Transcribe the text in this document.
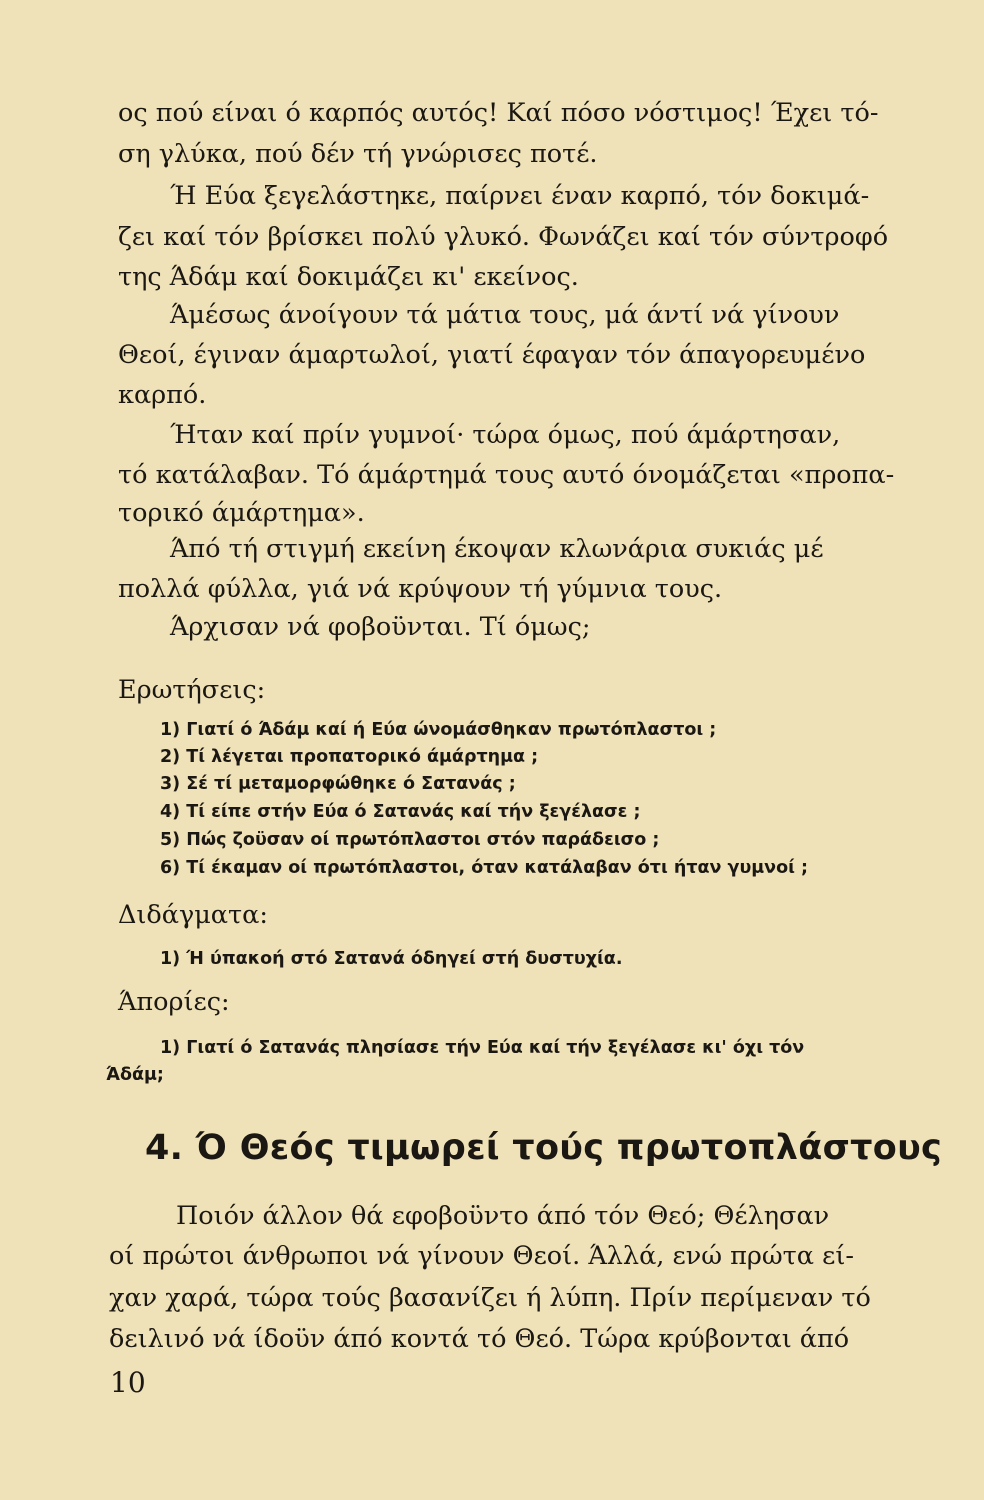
ος πού είναι ό καρπός αυτός! Καί πόσο νόστιμος! Έχει τό-
ση γλύκα, πού δέν τή γνώρισες ποτέ.
Ή Εύα ξεγελάστηκε, παίρνει έναν καρπό, τόν δοκιμά-
ζει καί τόν βρίσκει πολύ γλυκό. Φωνάζει καί τόν σύντροφό
της Άδάμ καί δοκιμάζει κι' εκείνος.
Άμέσως άνοίγουν τά μάτια τους, μά άντί νά γίνουν
Θεοί, έγιναν άμαρτωλοί, γιατί έφαγαν τόν άπαγορευμένο
καρπό.
Ήταν καί πρίν γυμνοί· τώρα όμως, πού άμάρτησαν,
τό κατάλαβαν. Τό άμάρτημά τους αυτό όνομάζεται «προπα-
τορικό άμάρτημα».
Άπό τή στιγμή εκείνη έκοψαν κλωνάρια συκιάς μέ
πολλά φύλλα, γιά νά κρύψουν τή γύμνια τους.
Άρχισαν νά φοβοϋνται. Τί όμως;
Ερωτήσεις:
1) Γιατί ό Άδάμ καί ή Εύα ώνομάσθηκαν πρωτόπλαστοι ;
2) Τί λέγεται προπατορικό άμάρτημα ;
3) Σέ τί μεταμορφώθηκε ό Σατανάς ;
4) Τί είπε στήν Εύα ό Σατανάς καί τήν ξεγέλασε ;
5) Πώς ζοϋσαν οί πρωτόπλαστοι στόν παράδεισο ;
6) Τί έκαμαν οί πρωτόπλαστοι, όταν κατάλαβαν ότι ήταν γυμνοί ;
Διδάγματα:
1) Ή ύπακοή στό Σατανά όδηγεί στή δυστυχία.
Άπορίες:
1) Γιατί ό Σατανάς πλησίασε τήν Εύα καί τήν ξεγέλασε κι' όχι τόν
Άδάμ;
4. Ό Θεός τιμωρεί τούς πρωτοπλάστους
Ποιόν άλλον θά εφοβοϋντο άπό τόν Θεό; Θέλησαν
οί πρώτοι άνθρωποι νά γίνουν Θεοί. Άλλά, ενώ πρώτα εί-
χαν χαρά, τώρα τούς βασανίζει ή λύπη. Πρίν περίμεναν τό
δειλινό νά ίδοϋν άπό κοντά τό Θεό. Τώρα κρύβονται άπό
10
